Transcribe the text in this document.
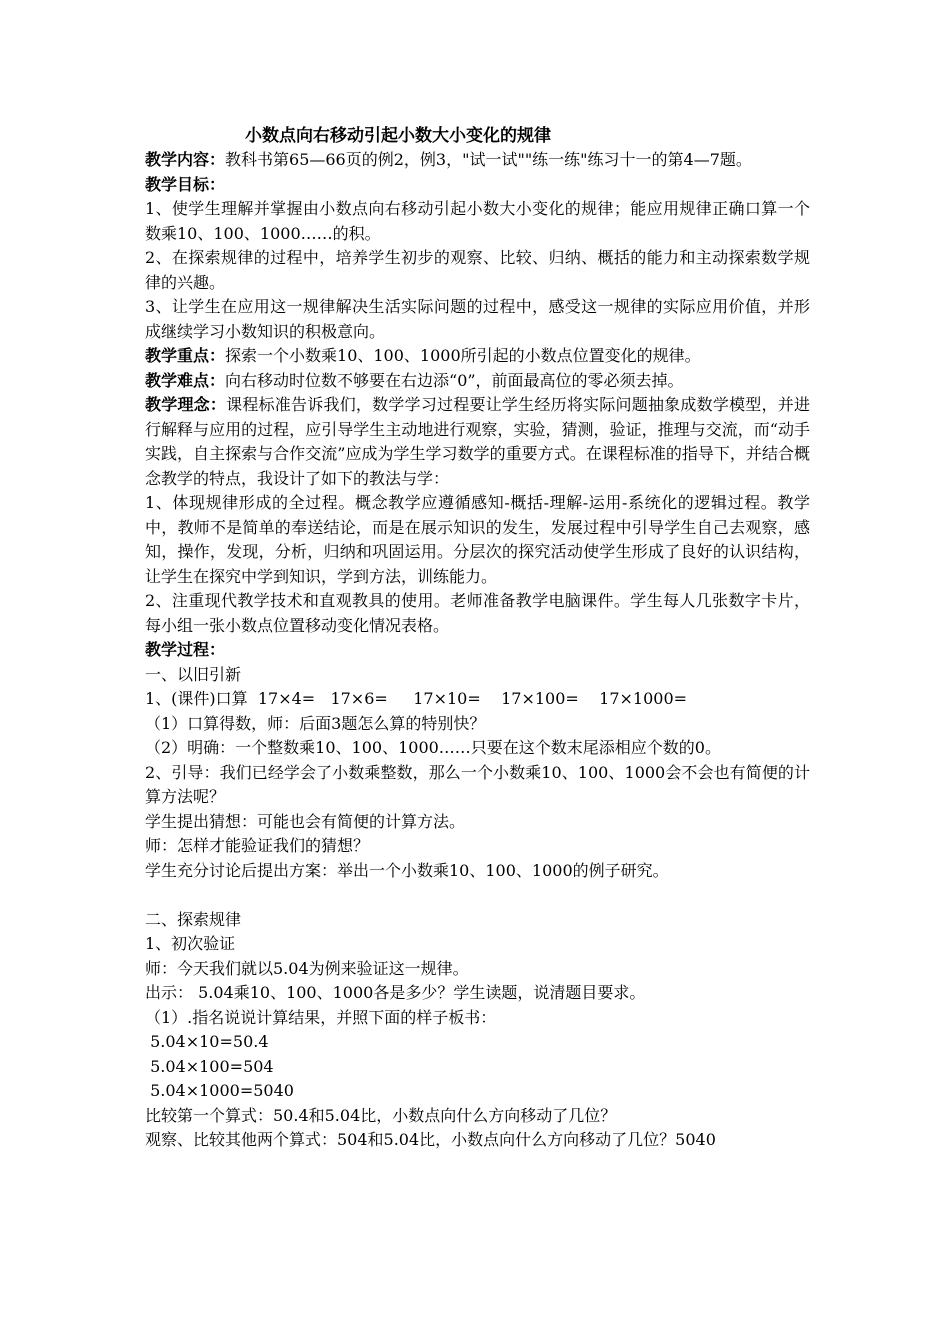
小数点向右移动引起小数大小变化的规律

教学内容：教科书第65—66页的例2，例3，"试一试""练一练"练习十一的第4—7题。

教学目标：

1、使学生理解并掌握由小数点向右移动引起小数大小变化的规律；能应用规律正确口算一个数乘10、100、1000……的积。

2、在探索规律的过程中，培养学生初步的观察、比较、归纳、概括的能力和主动探索数学规律的兴趣。

3、让学生在应用这一规律解决生活实际问题的过程中，感受这一规律的实际应用价值，并形成继续学习小数知识的积极意向。

教学重点：探索一个小数乘10、100、1000所引起的小数点位置变化的规律。

教学难点：向右移动时位数不够要在右边添“0”，前面最高位的零必须去掉。

教学理念：课程标准告诉我们，数学学习过程要让学生经历将实际问题抽象成数学模型，并进行解释与应用的过程，应引导学生主动地进行观察，实验，猜测，验证，推理与交流，而“动手实践，自主探索与合作交流”应成为学生学习数学的重要方式。在课程标准的指导下，并结合概念教学的特点，我设计了如下的教法与学：

1、体现规律形成的全过程。概念教学应遵循感知-概括-理解-运用-系统化的逻辑过程。教学中，教师不是简单的奉送结论，而是在展示知识的发生，发展过程中引导学生自己去观察，感知，操作，发现，分析，归纳和巩固运用。分层次的探究活动使学生形成了良好的认识结构，让学生在探究中学到知识，学到方法，训练能力。

2、注重现代教学技术和直观教具的使用。老师准备教学电脑课件。学生每人几张数字卡片，每小组一张小数点位置移动变化情况表格。

教学过程：

一、以旧引新

1、(课件)口算  17×4=   17×6=     17×10=    17×100=    17×1000=

（1）口算得数，师：后面3题怎么算的特别快？

（2）明确：一个整数乘10、100、1000……只要在这个数末尾添相应个数的0。

2、引导：我们已经学会了小数乘整数，那么一个小数乘10、100、1000会不会也有简便的计算方法呢？

学生提出猜想：可能也会有简便的计算方法。

师：怎样才能验证我们的猜想？

学生充分讨论后提出方案：举出一个小数乘10、100、1000的例子研究。

二、探索规律

1、初次验证

师：今天我们就以5.04为例来验证这一规律。

出示： 5.04乘10、100、1000各是多少？学生读题，说清题目要求。

（1）.指名说说计算结果，并照下面的样子板书：

5.04×10=50.4

5.04×100=504

5.04×1000=5040

比较第一个算式：50.4和5.04比，小数点向什么方向移动了几位？

观察、比较其他两个算式：504和5.04比，小数点向什么方向移动了几位？5040
